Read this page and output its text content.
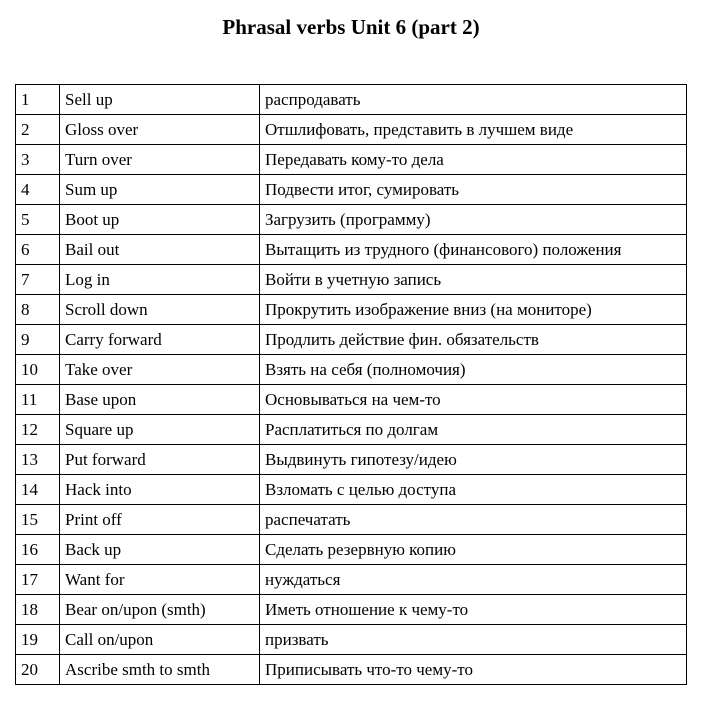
Phrasal verbs Unit 6 (part 2)
1	Sell up	распродавать
2	Gloss over	Отшлифовать, представить в лучшем виде
3	Turn over	Передавать кому-то дела
4	Sum up	Подвести итог, сумировать
5	Boot up	Загрузить (программу)
6	Bail out	Вытащить из трудного (финансового) положения
7	Log in	Войти в учетную запись
8	Scroll down	Прокрутить изображение вниз (на мониторе)
9	Carry forward	Продлить действие фин. обязательств
10	Take over	Взять на себя (полномочия)
11	Base upon	Основываться на чем-то
12	Square up	Расплатиться по долгам
13	Put forward	Выдвинуть гипотезу/идею
14	Hack into	Взломать с целью доступа
15	Print off	распечатать
16	Back up	Сделать резервную копию
17	Want for	нуждаться
18	Bear on/upon (smth)	Иметь отношение к чему-то
19	Call on/upon	призвать
20	Ascribe smth to smth	Приписывать что-то чему-то
